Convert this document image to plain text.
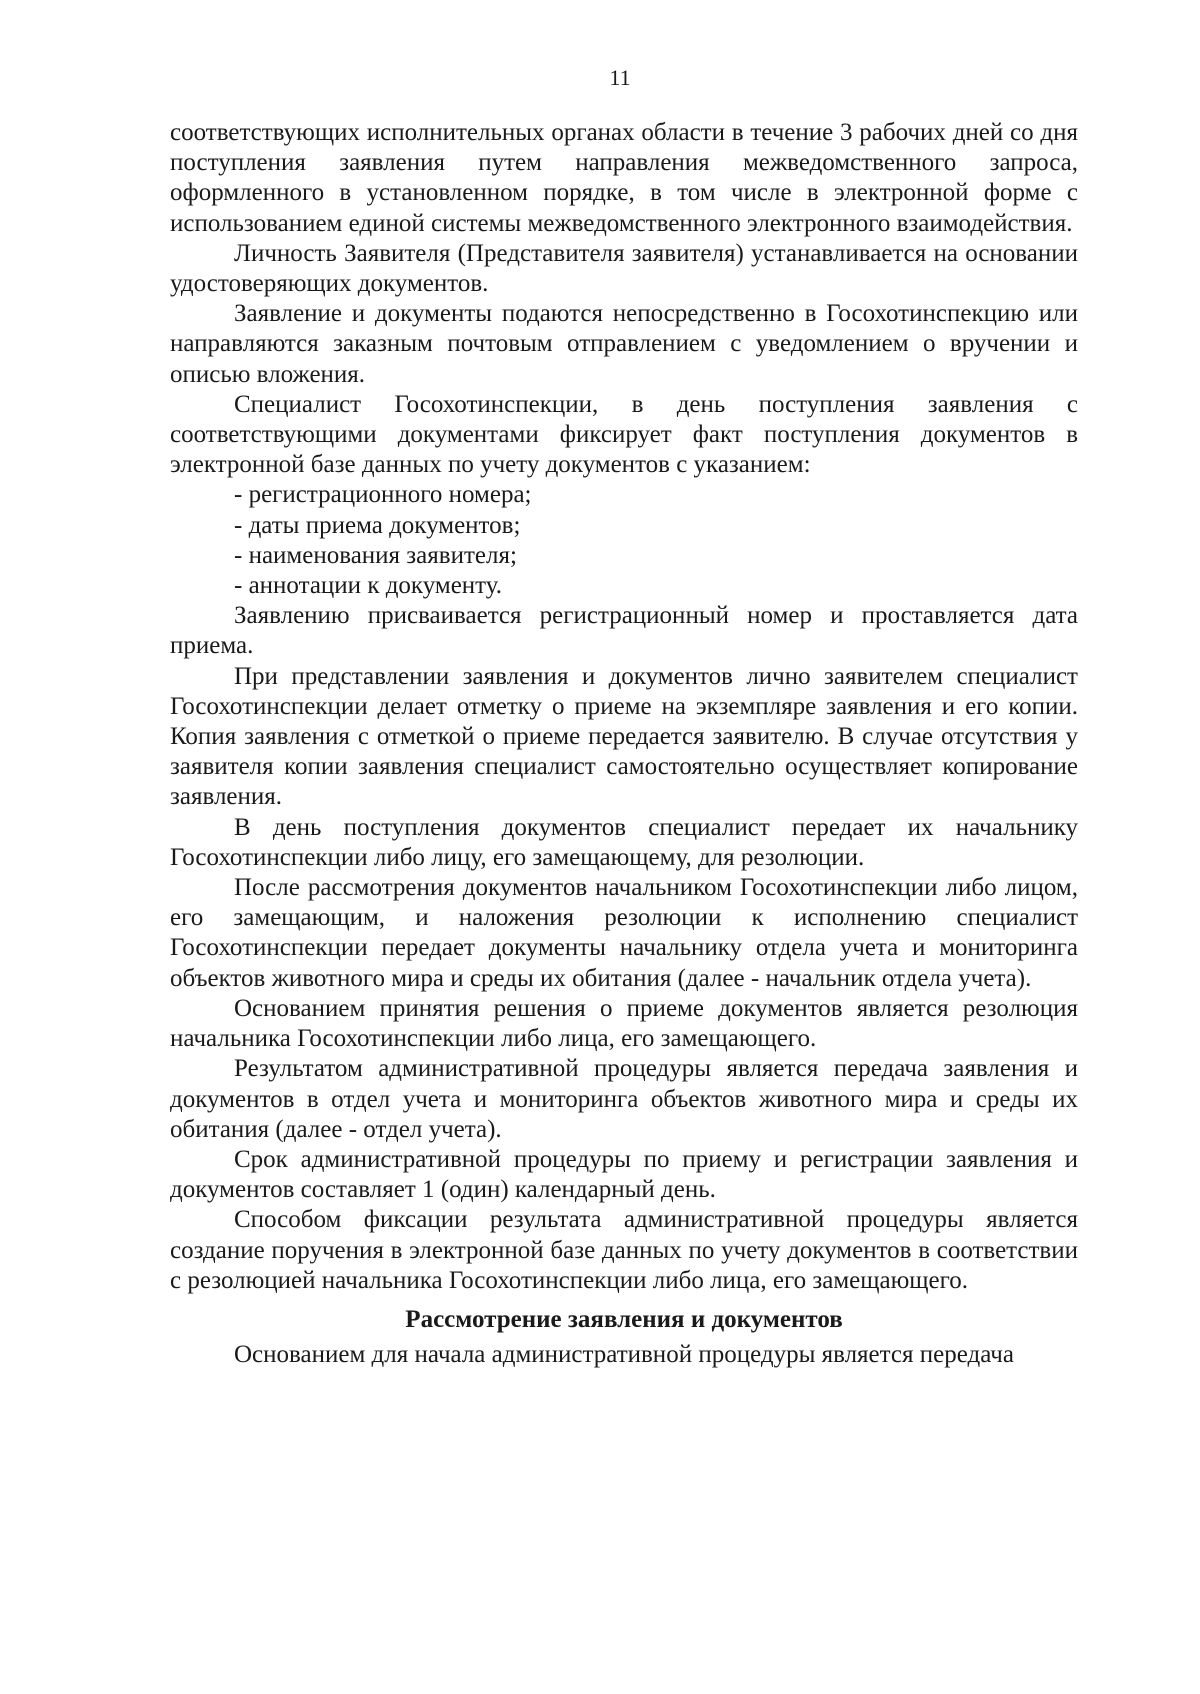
11

соответствующих исполнительных органах области в течение 3 рабочих дней со дня поступления заявления путем направления межведомственного запроса, оформленного в установленном порядке, в том числе в электронной форме с использованием единой системы межведомственного электронного взаимодействия.

Личность Заявителя (Представителя заявителя) устанавливается на основании удостоверяющих документов.

Заявление и документы подаются непосредственно в Госохотинспекцию или направляются заказным почтовым отправлением с уведомлением о вручении и описью вложения.

Специалист Госохотинспекции, в день поступления заявления с соответствующими документами фиксирует факт поступления документов в электронной базе данных по учету документов с указанием:

- регистрационного номера;

- даты приема документов;

- наименования заявителя;

- аннотации к документу.

Заявлению присваивается регистрационный номер и проставляется дата приема.

При представлении заявления и документов лично заявителем специалист Госохотинспекции делает отметку о приеме на экземпляре заявления и его копии. Копия заявления с отметкой о приеме передается заявителю. В случае отсутствия у заявителя копии заявления специалист самостоятельно осуществляет копирование заявления.

В день поступления документов специалист передает их начальнику Госохотинспекции либо лицу, его замещающему, для резолюции.

После рассмотрения документов начальником Госохотинспекции либо лицом, его замещающим, и наложения резолюции к исполнению специалист Госохотинспекции передает документы начальнику отдела учета и мониторинга объектов животного мира и среды их обитания (далее - начальник отдела учета).

Основанием принятия решения о приеме документов является резолюция начальника Госохотинспекции либо лица, его замещающего.

Результатом административной процедуры является передача заявления и документов в отдел учета и мониторинга объектов животного мира и среды их обитания (далее - отдел учета).

Срок административной процедуры по приему и регистрации заявления и документов составляет 1 (один) календарный день.

Способом фиксации результата административной процедуры является создание поручения в электронной базе данных по учету документов в соответствии с резолюцией начальника Госохотинспекции либо лица, его замещающего.

Рассмотрение заявления и документов

Основанием для начала административной процедуры является передача
